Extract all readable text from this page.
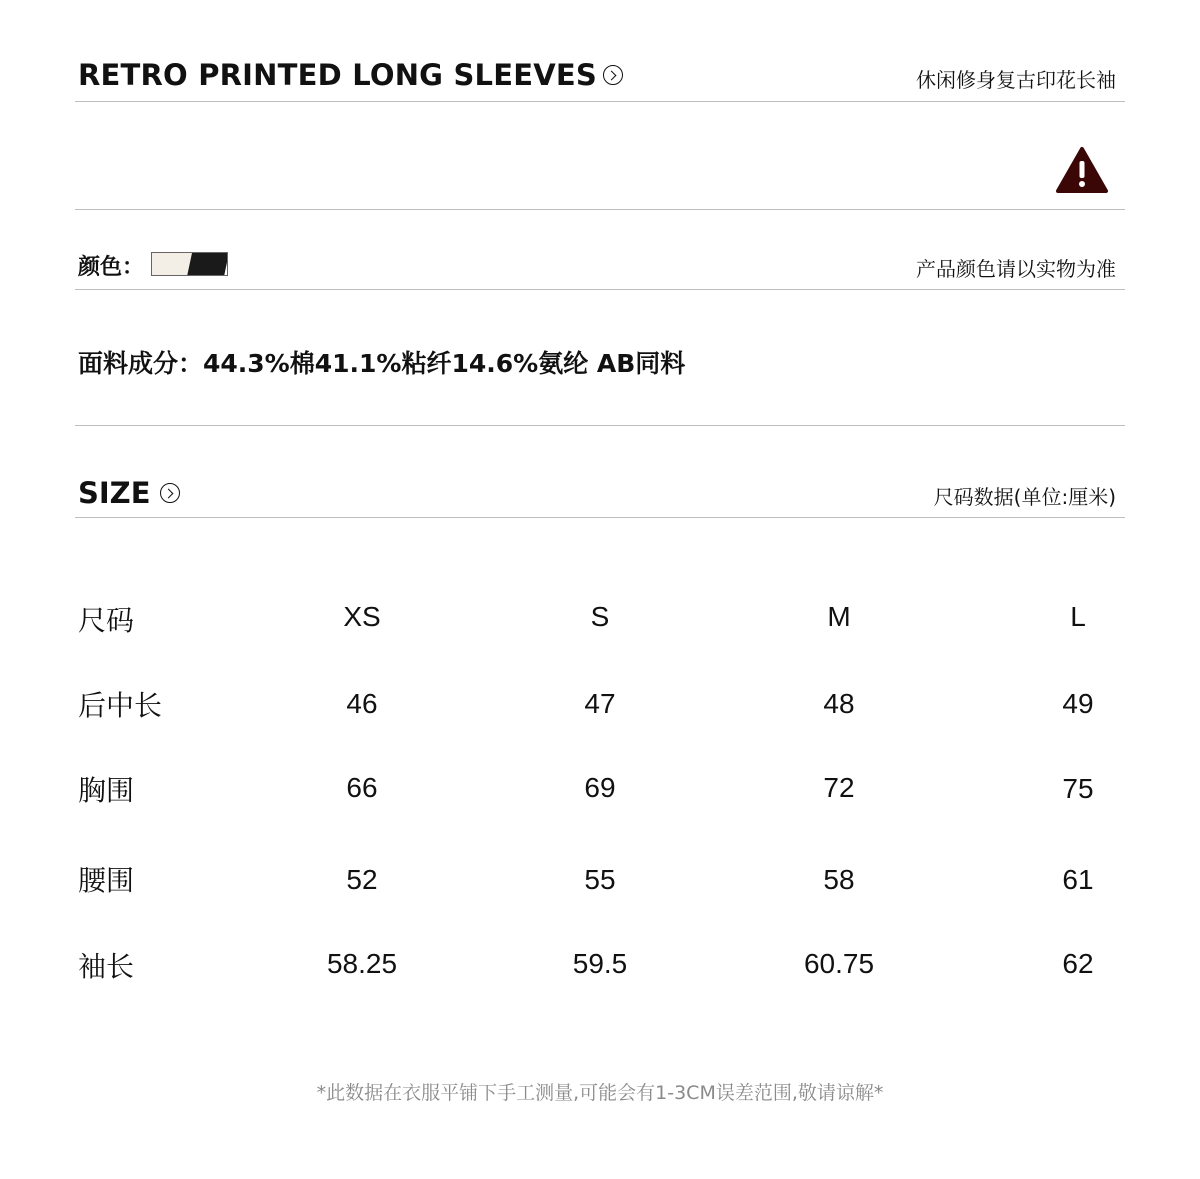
RETRO PRINTED LONG SLEEVES	休闲修身复古印花长袖
颜色：	产品颜色请以实物为准
面料成分：44.3%棉41.1%粘纤14.6%氨纶 AB同料
SIZE	尺码数据(单位:厘米)
尺码	XS	S	M	L
后中长	46	47	48	49
胸围	66	69	72	75
腰围	52	55	58	61
袖长	58.25	59.5	60.75	62
*此数据在衣服平铺下手工测量,可能会有1-3CM误差范围,敬请谅解*
